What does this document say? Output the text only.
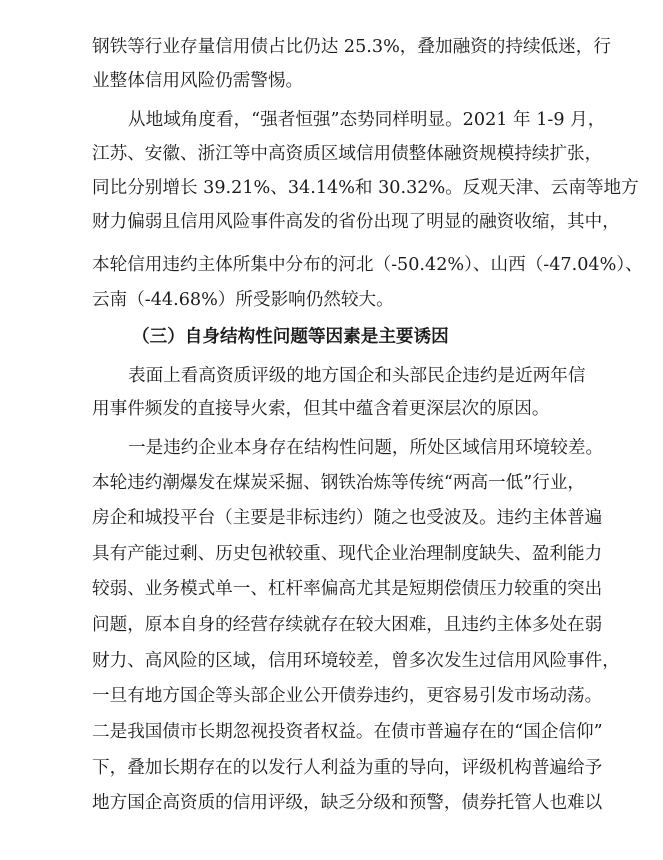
钢铁等行业存量信用债占比仍达 25.3%，叠加融资的持续低迷，行
业整体信用风险仍需警惕。
从地域角度看，“强者恒强”态势同样明显。2021 年 1-9 月，
江苏、安徽、浙江等中高资质区域信用债整体融资规模持续扩张，
同比分别增长 39.21%、34.14%和 30.32%。反观天津、云南等地方
财力偏弱且信用风险事件高发的省份出现了明显的融资收缩，其中，
本轮信用违约主体所集中分布的河北（-50.42%）、山西（-47.04%）、
云南（-44.68%）所受影响仍然较大。
（三）自身结构性问题等因素是主要诱因
表面上看高资质评级的地方国企和头部民企违约是近两年信
用事件频发的直接导火索，但其中蕴含着更深层次的原因。
一是违约企业本身存在结构性问题，所处区域信用环境较差。
本轮违约潮爆发在煤炭采掘、钢铁冶炼等传统“两高一低”行业，
房企和城投平台（主要是非标违约）随之也受波及。违约主体普遍
具有产能过剩、历史包袱较重、现代企业治理制度缺失、盈利能力
较弱、业务模式单一、杠杆率偏高尤其是短期偿债压力较重的突出
问题，原本自身的经营存续就存在较大困难，且违约主体多处在弱
财力、高风险的区域，信用环境较差，曾多次发生过信用风险事件，
一旦有地方国企等头部企业公开债券违约，更容易引发市场动荡。
二是我国债市长期忽视投资者权益。在债市普遍存在的“国企信仰”
下，叠加长期存在的以发行人利益为重的导向，评级机构普遍给予
地方国企高资质的信用评级，缺乏分级和预警，债券托管人也难以
